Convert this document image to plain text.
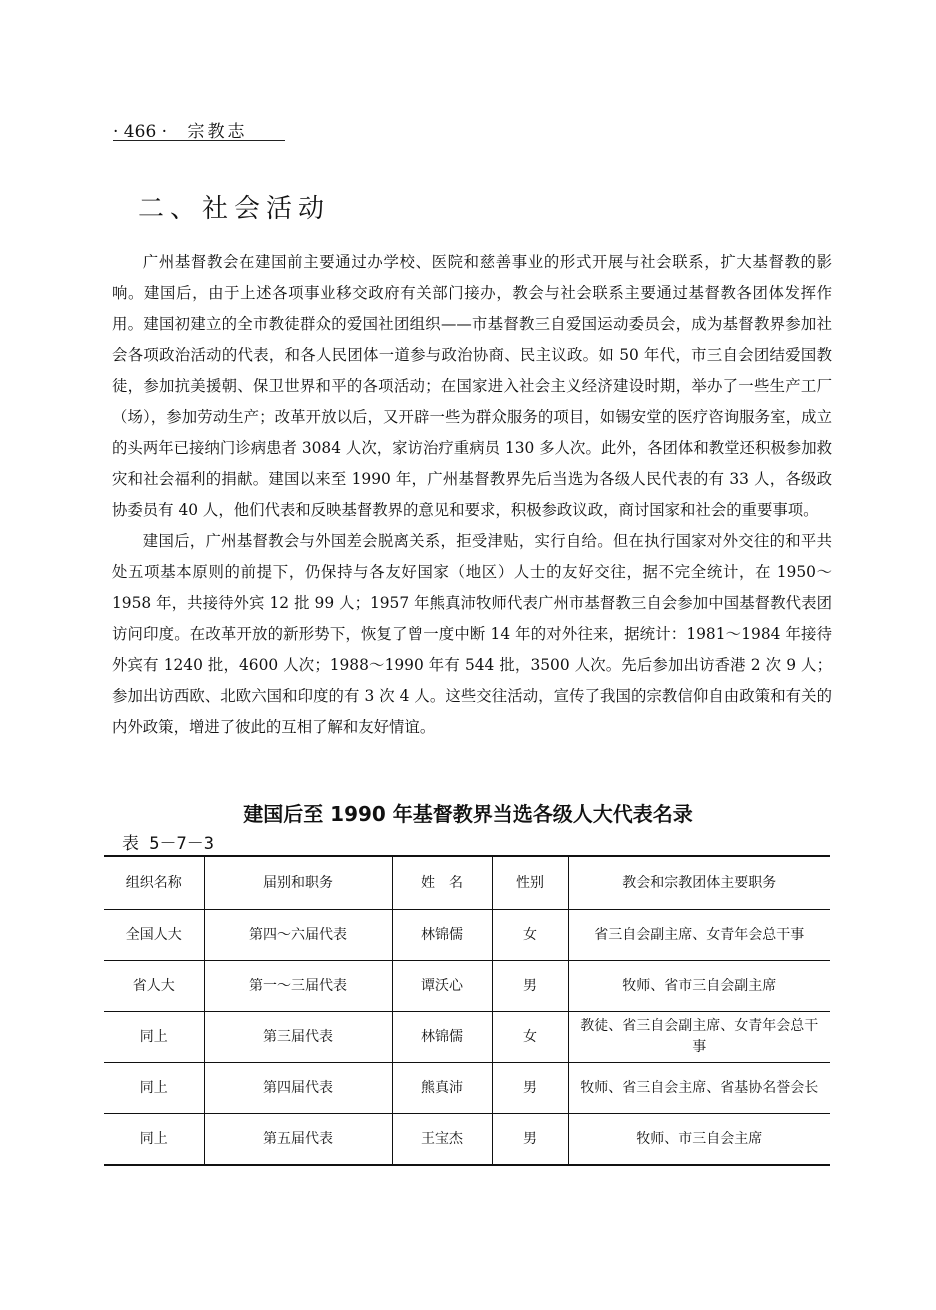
· 466 · 宗教志
二、社会活动

广州基督教会在建国前主要通过办学校、医院和慈善事业的形式开展与社会联系，扩大基督教的影响。建国后，由于上述各项事业移交政府有关部门接办，教会与社会联系主要通过基督教各团体发挥作用。建国初建立的全市教徒群众的爱国社团组织——市基督教三自爱国运动委员会，成为基督教界参加社会各项政治活动的代表，和各人民团体一道参与政治协商、民主议政。如 50 年代，市三自会团结爱国教徒，参加抗美援朝、保卫世界和平的各项活动；在国家进入社会主义经济建设时期，举办了一些生产工厂（场），参加劳动生产；改革开放以后，又开辟一些为群众服务的项目，如锡安堂的医疗咨询服务室，成立的头两年已接纳门诊病患者 3084 人次，家访治疗重病员 130 多人次。此外，各团体和教堂还积极参加救灾和社会福利的捐献。建国以来至 1990 年，广州基督教界先后当选为各级人民代表的有 33 人，各级政协委员有 40 人，他们代表和反映基督教界的意见和要求，积极参政议政，商讨国家和社会的重要事项。

建国后，广州基督教会与外国差会脱离关系，拒受津贴，实行自给。但在执行国家对外交往的和平共处五项基本原则的前提下，仍保持与各友好国家（地区）人士的友好交往，据不完全统计，在 1950～1958 年，共接待外宾 12 批 99 人；1957 年熊真沛牧师代表广州市基督教三自会参加中国基督教代表团访问印度。在改革开放的新形势下，恢复了曾一度中断 14 年的对外往来，据统计：1981～1984 年接待外宾有 1240 批，4600 人次；1988～1990 年有 544 批，3500 人次。先后参加出访香港 2 次 9 人；参加出访西欧、北欧六国和印度的有 3 次 4 人。这些交往活动，宣传了我国的宗教信仰自由政策和有关的内外政策，增进了彼此的互相了解和友好情谊。

建国后至 1990 年基督教界当选各级人大代表名录
表 5－7－3
组织名称	届别和职务	姓　名	性别	教会和宗教团体主要职务
全国人大	第四～六届代表	林锦儒	女	省三自会副主席、女青年会总干事
省人大	第一～三届代表	谭沃心	男	牧师、省市三自会副主席
同上	第三届代表	林锦儒	女	教徒、省三自会副主席、女青年会总干事
同上	第四届代表	熊真沛	男	牧师、省三自会主席、省基协名誉会长
同上	第五届代表	王宝杰	男	牧师、市三自会主席
